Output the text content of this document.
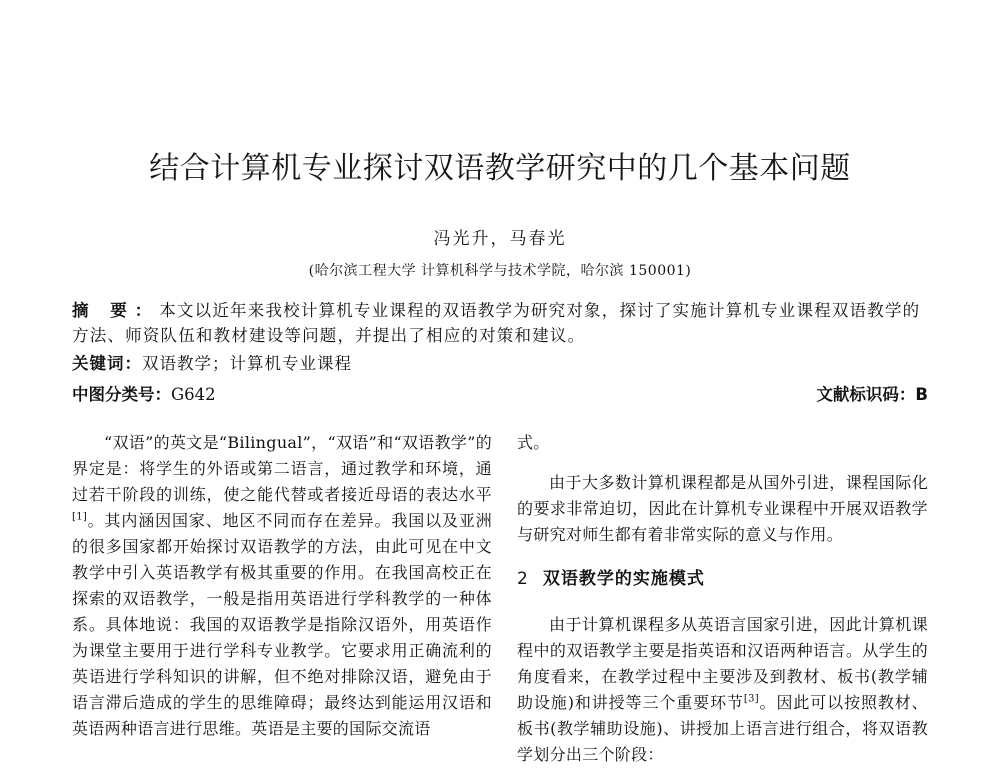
结合计算机专业探讨双语教学研究中的几个基本问题
冯光升，马春光
(哈尔滨工程大学 计算机科学与技术学院，哈尔滨 150001)
摘 要：本文以近年来我校计算机专业课程的双语教学为研究对象，探讨了实施计算机专业课程双语教学的方法、师资队伍和教材建设等问题，并提出了相应的对策和建议。
关键词：双语教学；计算机专业课程
中图分类号：G642	文献标识码：B

“双语”的英文是“Bilingual”，“双语”和“双语教学”的界定是：将学生的外语或第二语言，通过教学和环境，通过若干阶段的训练，使之能代替或者接近母语的表达水平[1]。其内涵因国家、地区不同而存在差异。我国以及亚洲的很多国家都开始探讨双语教学的方法，由此可见在中文教学中引入英语教学有极其重要的作用。在我国高校正在探索的双语教学，一般是指用英语进行学科教学的一种体系。具体地说：我国的双语教学是指除汉语外，用英语作为课堂主要用于进行学科专业教学。它要求用正确流利的英语进行学科知识的讲解，但不绝对排除汉语，避免由于语言滞后造成的学生的思维障碍；最终达到能运用汉语和英语两种语言进行思维。英语是主要的国际交流语

式。

由于大多数计算机课程都是从国外引进，课程国际化的要求非常迫切，因此在计算机专业课程中开展双语教学与研究对师生都有着非常实际的意义与作用。

2 双语教学的实施模式

由于计算机课程多从英语言国家引进，因此计算机课程中的双语教学主要是指英语和汉语两种语言。从学生的角度看来，在教学过程中主要涉及到教材、板书(教学辅助设施)和讲授等三个重要环节[3]。因此可以按照教材、板书(教学辅助设施)、讲授加上语言进行组合，将双语教学划分出三个阶段：
